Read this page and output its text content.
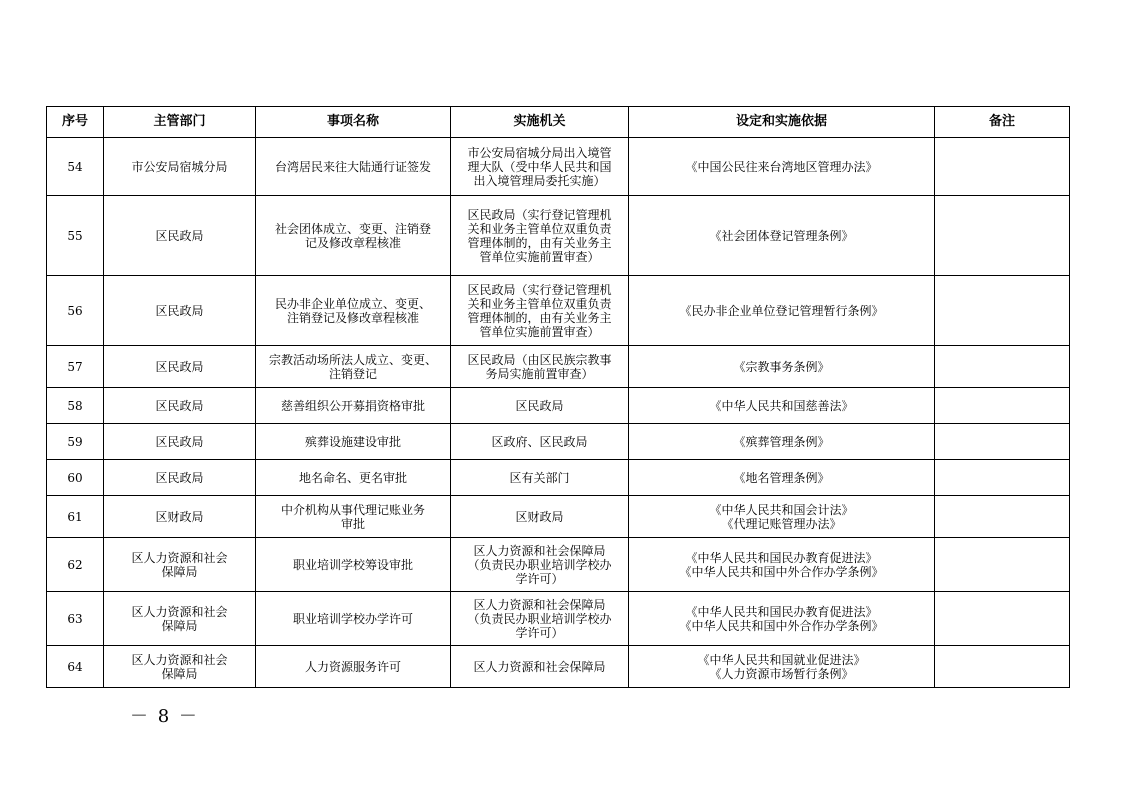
序号	主管部门	事项名称	实施机关	设定和实施依据	备注
54	市公安局宿城分局	台湾居民来往大陆通行证签发	市公安局宿城分局出入境管
理大队（受中华人民共和国
出入境管理局委托实施）	《中国公民往来台湾地区管理办法》	

55	区民政局	社会团体成立、变更、注销登
记及修改章程核准	区民政局（实行登记管理机
关和业务主管单位双重负责
管理体制的，由有关业务主
管单位实施前置审查）	《社会团体登记管理条例》	

56	区民政局	民办非企业单位成立、变更、
注销登记及修改章程核准	区民政局（实行登记管理机
关和业务主管单位双重负责
管理体制的，由有关业务主
管单位实施前置审查）	《民办非企业单位登记管理暂行条例》	

57	区民政局	宗教活动场所法人成立、变更、
注销登记	区民政局（由区民族宗教事
务局实施前置审查）	《宗教事务条例》	

58	区民政局	慈善组织公开募捐资格审批	区民政局	《中华人民共和国慈善法》	

59	区民政局	殡葬设施建设审批	区政府、区民政局	《殡葬管理条例》	

60	区民政局	地名命名、更名审批	区有关部门	《地名管理条例》	

61	区财政局	中介机构从事代理记账业务
审批	区财政局	《中华人民共和国会计法》
《代理记账管理办法》	

62	区人力资源和社会
保障局	职业培训学校筹设审批	区人力资源和社会保障局
（负责民办职业培训学校办
学许可）	《中华人民共和国民办教育促进法》
《中华人民共和国中外合作办学条例》	

63	区人力资源和社会
保障局	职业培训学校办学许可	区人力资源和社会保障局
（负责民办职业培训学校办
学许可）	《中华人民共和国民办教育促进法》
《中华人民共和国中外合作办学条例》	

64	区人力资源和社会
保障局	人力资源服务许可	区人力资源和社会保障局	《中华人民共和国就业促进法》
《人力资源市场暂行条例》	

－ 8 －
